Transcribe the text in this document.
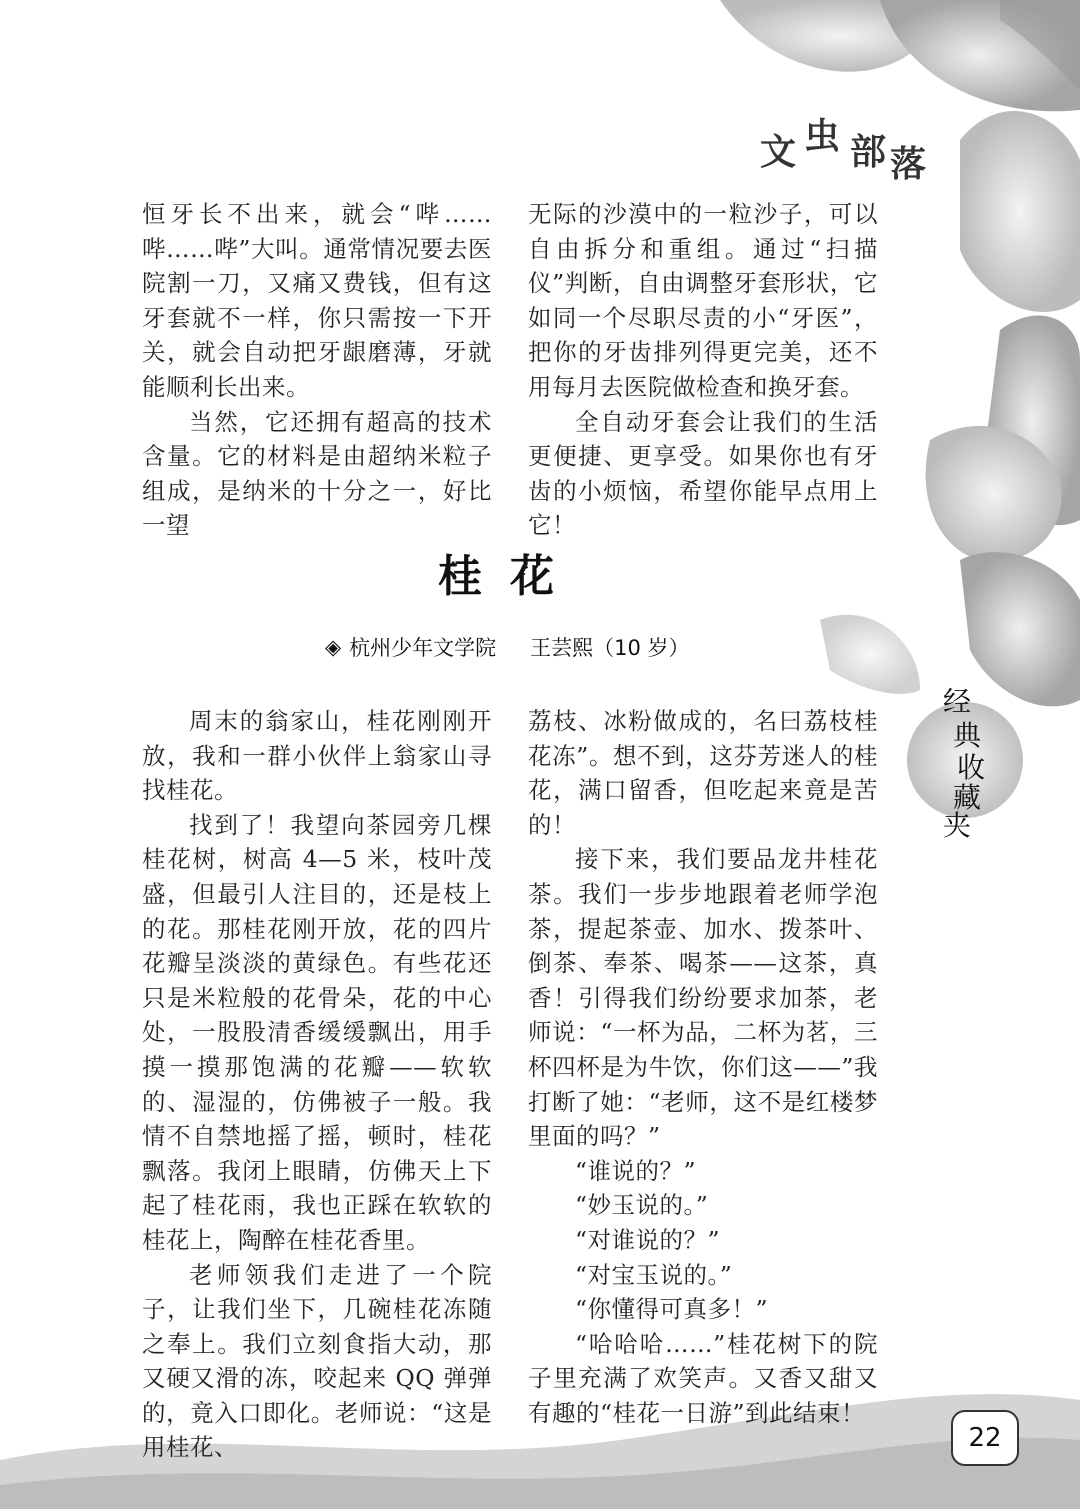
文 虫 部 落

恒牙长不出来，就会“哔……哔……哔”大叫。通常情况要去医院割一刀，又痛又费钱，但有这牙套就不一样，你只需按一下开关，就会自动把牙龈磨薄，牙就能顺利长出来。

当然，它还拥有超高的技术含量。它的材料是由超纳米粒子组成，是纳米的十分之一，好比一望

无际的沙漠中的一粒沙子，可以自由拆分和重组。通过“扫描仪”判断，自由调整牙套形状，它如同一个尽职尽责的小“牙医”，把你的牙齿排列得更完美，还不用每月去医院做检查和换牙套。

全自动牙套会让我们的生活更便捷、更享受。如果你也有牙齿的小烦恼，希望你能早点用上它！

桂花
◈ 杭州少年文学院 王芸熙（10 岁）

周末的翁家山，桂花刚刚开放，我和一群小伙伴上翁家山寻找桂花。

找到了！我望向茶园旁几棵桂花树，树高 4—5 米，枝叶茂盛，但最引人注目的，还是枝上的花。那桂花刚开放，花的四片花瓣呈淡淡的黄绿色。有些花还只是米粒般的花骨朵，花的中心处，一股股清香缓缓飘出，用手摸一摸那饱满的花瓣——软软的、湿湿的，仿佛被子一般。我情不自禁地摇了摇，顿时，桂花飘落。我闭上眼睛，仿佛天上下起了桂花雨，我也正踩在软软的桂花上，陶醉在桂花香里。

老师领我们走进了一个院子，让我们坐下，几碗桂花冻随之奉上。我们立刻食指大动，那又硬又滑的冻，咬起来 QQ 弹弹的，竟入口即化。老师说：“这是用桂花、

荔枝、冰粉做成的，名曰荔枝桂花冻”。想不到，这芬芳迷人的桂花，满口留香，但吃起来竟是苦的！

接下来，我们要品龙井桂花茶。我们一步步地跟着老师学泡茶，提起茶壶、加水、拨茶叶、倒茶、奉茶、喝茶——这茶，真香！引得我们纷纷要求加茶，老师说：“一杯为品，二杯为茗，三杯四杯是为牛饮，你们这——”我打断了她：“老师，这不是红楼梦里面的吗？”

“谁说的？”

“妙玉说的。”

“对谁说的？”

“对宝玉说的。”

“你懂得可真多！”

“哈哈哈……”桂花树下的院子里充满了欢笑声。又香又甜又有趣的“桂花一日游”到此结束！

经
典
收
藏
夹
22
